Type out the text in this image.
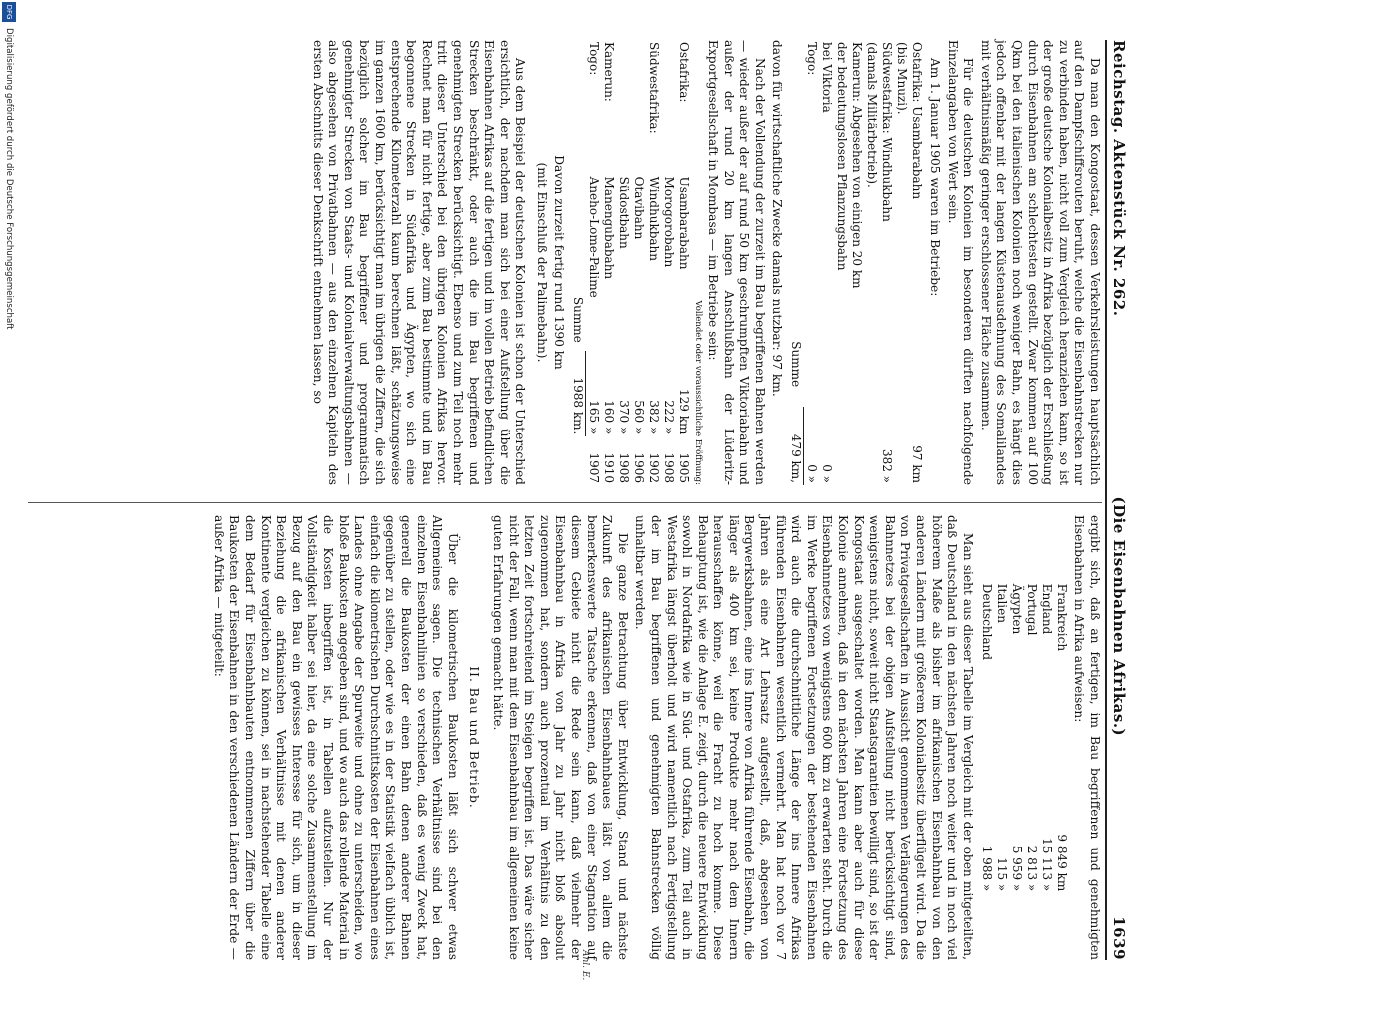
Reichstag. Aktenstück Nr. 262.
(Die Eisenbahnen Afrikas.)
1639

Da man den Kongostaat, dessen Verkehrsleistungen hauptsächlich auf den Dampfschiffsrouten beruht, welche die Eisenbahnstrecken nur zu verbinden haben, nicht voll zum Vergleich heranziehen kann, so ist der große deutsche Kolonialbesitz in Afrika bezüglich der Erschließung durch Eisenbahnen am schlechtesten gestellt. Zwar kommen auf 100 Qkm bei den italienischen Kolonien noch weniger Bahn, es hängt dies jedoch offenbar mit der langen Küstenausdehnung des Somalilandes mit verhältnismäßig geringer erschlossener Fläche zusammen.

Für die deutschen Kolonien im besonderen dürften nachfolgende Einzelangaben von Wert sein.

Am 1. Januar 1905 waren im Betriebe:

Ostafrika: Usambarabahn	97 km
(bis Mnuzi).	
Südwestafrika: Windhukbahn	382 »
(damals Militärbetrieb).	
Kamerun: Abgesehen von einigen 20 km	
der bedeutungslosen Pflanzungsbahn	
bei Viktoria	0 »
Togo:	0 »
Summe	479 km,

davon für wirtschaftliche Zwecke damals nutzbar: 97 km.

Nach der Vollendung der zurzeit im Bau begriffenen Bahnen werden — wieder außer der auf rund 50 km geschrumpften Viktoriabahn und außer der rund 20 km langen Anschlußbahn der Lüderitz-Exportgesellschaft in Mombasa — im Betriebe sein:

Vollendet oder voraussichtliche Eröffnung:
Ostafrika:	Usambarabahn	129 km	1905
	Morogorobahn	222 »	1908
Südwestafrika:	Windhukbahn	382 »	1902
	Otavibahn	560 »	1906
	Südostbahn	370 »	1908
Kamerun:	Manengubabahn	160 »	1910
Togo:	Aneho-Lome-Palime	165 »	1907
	Summe	1988 km.	

Davon zurzeit fertig rund 1390 km

(mit Einschluß der Palimebahn).

Aus dem Beispiel der deutschen Kolonien ist schon der Unterschied ersichtlich, der nachdem man sich bei einer Aufstellung über die Eisenbahnen Afrikas auf die fertigen und im vollen Betrieb befindlichen Strecken beschränkt, oder auch die im Bau begriffenen und genehmigten Strecken berücksichtigt. Ebenso und zum Teil noch mehr tritt dieser Unterschied bei den übrigen Kolonien Afrikas hervor. Rechnet man für nicht fertige, aber zum Bau bestimmte und im Bau begonnene Strecken in Südafrika und Ägypten, wo sich eine entsprechende Kilometerzahl kaum berechnen läßt, schätzungsweise im ganzen 1600 km, berücksichtigt man im übrigen die Ziffern, die sich bezüglich solcher im Bau begriffener und programmatisch genehmigter Strecken von Staats- und Kolonialverwaltungsbahnen — also abgesehen von Privatbahnen — aus den einzelnen Kapiteln des ersten Abschnitts dieser Denkschrift entnehmen lassen, so

ergibt sich, daß an fertigen, im Bau begriffenen und genehmigten Eisenbahnen in Afrika aufweisen:

Frankreich	9 849 km
England	15 113 »
Portugal	2 813 »
Ägypten	5 959 »
Italien	115 »
Deutschland	1 988 »

Man sieht aus dieser Tabelle im Vergleich mit der oben mitgeteilten, daß Deutschland in den nächsten Jahren noch weiter und in noch viel höherem Maße als bisher im afrikanischen Eisenbahnbau von den anderen Ländern mit größerem Kolonialbesitz überflügelt wird. Da die von Privatgesellschaften in Aussicht genommenen Verlängerungen des Bahnnetzes bei der obigen Aufstellung nicht berücksichtigt sind, wenigstens nicht, soweit nicht Staatsgarantien bewilligt sind, so ist der Kongostaat ausgeschaltet worden. Man kann aber auch für diese Kolonie annehmen, daß in den nächsten Jahren eine Fortsetzung des Eisenbahnnetzes von wenigstens 600 km zu erwarten steht. Durch die im Werke begriffenen Fortsetzungen der bestehenden Eisenbahnen wird auch die durchschnittliche Länge der ins Innere Afrikas führenden Eisenbahnen wesentlich vermehrt. Man hat noch vor 7 Jahren als eine Art Lehrsatz aufgestellt, daß, abgesehen von Bergwerksbahnen, eine ins Innere von Afrika führende Eisenbahn, die länger als 400 km sei, keine Produkte mehr nach dem Innern herausschaffen könne, weil die Fracht zu hoch komme. Diese Behauptung ist, wie die Anlage E. zeigt, durch die neuere Entwicklung sowohl in Nordafrika wie in Süd- und Ostafrika, zum Teil auch in Westafrika längst überholt und wird namentlich nach Fertigstellung der im Bau begriffenen und genehmigten Bahnstrecken völlig unhaltbar werden.

Die ganze Betrachtung über Entwicklung, Stand und nächste Zukunft des afrikanischen Eisenbahnbaues läßt von allem die bemerkenswerte Tatsache erkennen, daß von einer Stagnation auf diesem Gebiete nicht die Rede sein kann, daß vielmehr der Eisenbahnbau in Afrika von Jahr zu Jahr nicht bloß absolut zugenommen hat, sondern auch prozentual im Verhältnis zu den letzten Zeit fortschreitend im Steigen begriffen ist. Das wäre sicher nicht der Fall, wenn man mit dem Eisenbahnbau im allgemeinen keine guten Erfahrungen gemacht hätte.

II. Bau und Betrieb.

Über die kilometrischen Baukosten läßt sich schwer etwas Allgemeines sagen. Die technischen Verhältnisse sind bei den einzelnen Eisenbahnlinien so verschieden, daß es wenig Zweck hat, generell die Baukosten der einen Bahn denen anderer Bahnen gegenüber zu stellen, oder wie es in der Statistik vielfach üblich ist, einfach die kilometrischen Durchschnittskosten der Eisenbahnen eines Landes ohne Angabe der Spurweite und ohne zu unterscheiden, wo bloße Baukosten angegeben sind, und wo auch das rollende Material in die Kosten inbegriffen ist, in Tabellen aufzustellen. Nur der Vollständigkeit halber sei hier, da eine solche Zusammenstellung im Bezug auf den Bau ein gewisses Interesse für sich, um in dieser Beziehung die afrikanischen Verhältnisse mit denen anderer Kontinente vergleichen zu können, sei in nachstehender Tabelle eine dem Bedarf für Eisenbahnbauten entnommenen Ziffern über die Baukosten der Eisenbahnen in den verschiedenen Ländern der Erde — außer Afrika — mitgeteilt:

Anl. E.
Digitalisierung gefördert durch die Deutsche Forschungsgemeinschaft
DFG
